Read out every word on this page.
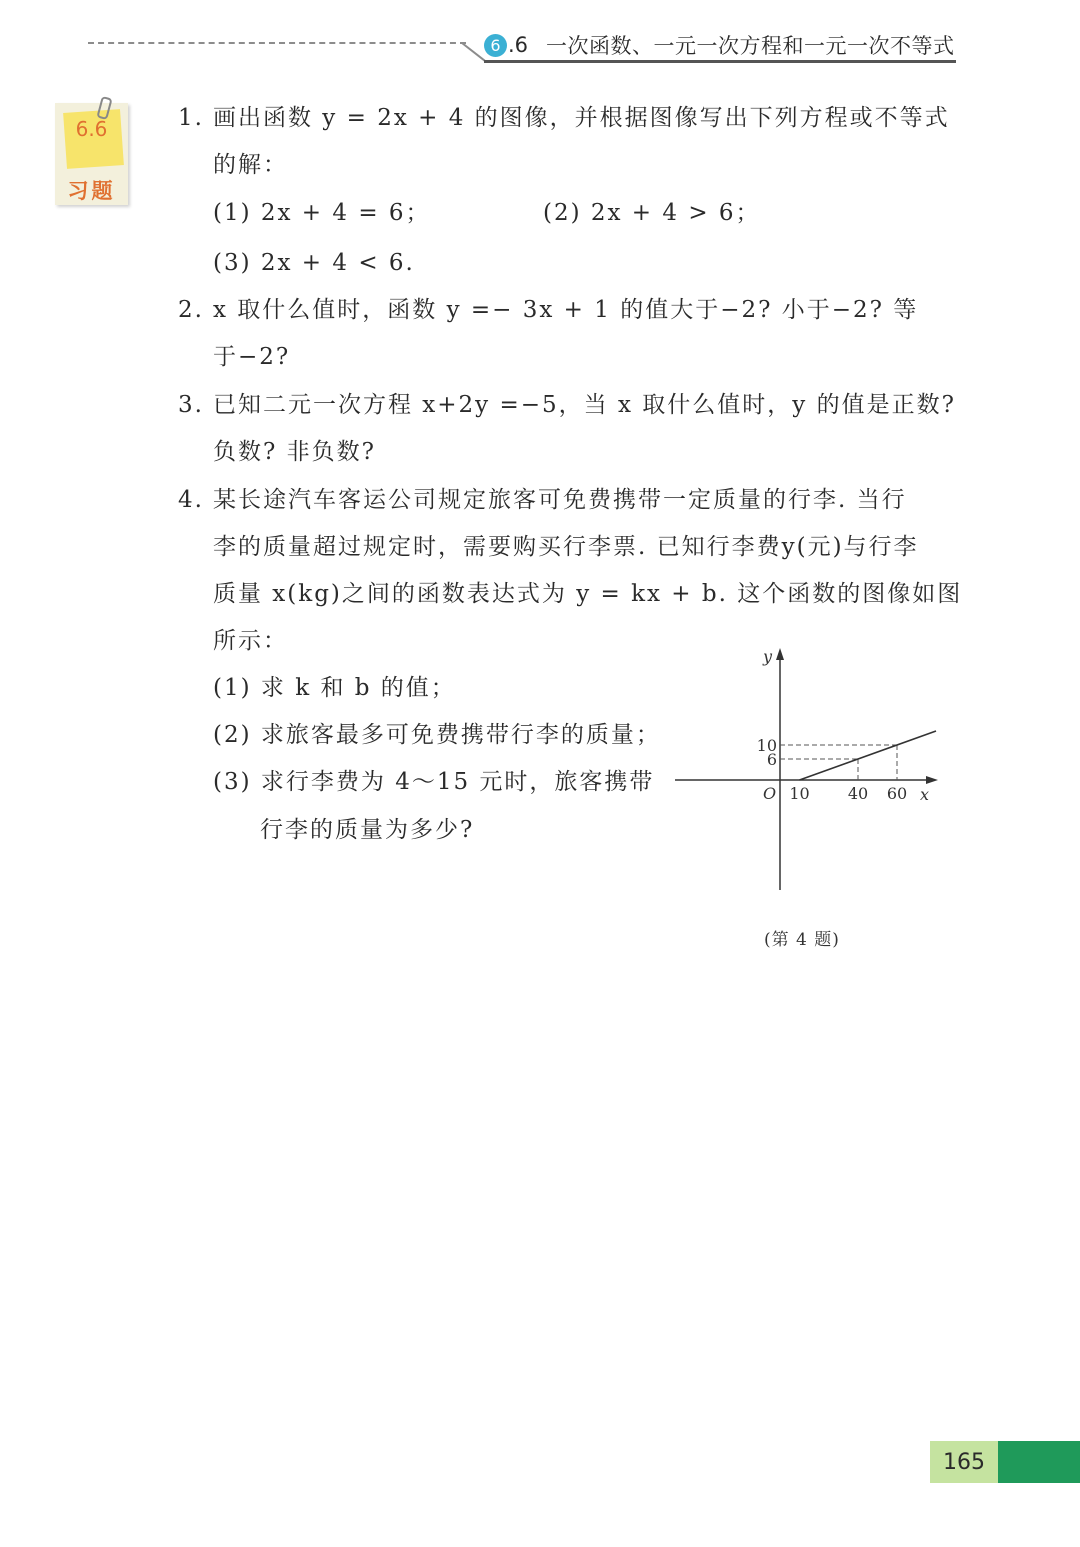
6 .6 一次函数、一元一次方程和一元一次不等式
6.6
习题
1. 画出函数 y = 2x + 4 的图像，并根据图像写出下列方程或不等式
的解：
(1) 2x + 4 = 6；	(2) 2x + 4 > 6；
(3) 2x + 4 < 6.
2. x 取什么值时，函数 y =− 3x + 1 的值大于−2? 小于−2? 等
于−2?
3. 已知二元一次方程 x+2y =−5，当 x 取什么值时，y 的值是正数?
负数? 非负数?
4. 某长途汽车客运公司规定旅客可免费携带一定质量的行李. 当行
李的质量超过规定时，需要购买行李票. 已知行李费y(元)与行李
质量 x(kg)之间的函数表达式为 y = kx + b. 这个函数的图像如图
所示：
(1) 求 k 和 b 的值；
(2) 求旅客最多可免费携带行李的质量；
(3) 求行李费为 4～15 元时，旅客携带
行李的质量为多少?
x
y
O 10 40 60
10
6
(第 4 题)
165
